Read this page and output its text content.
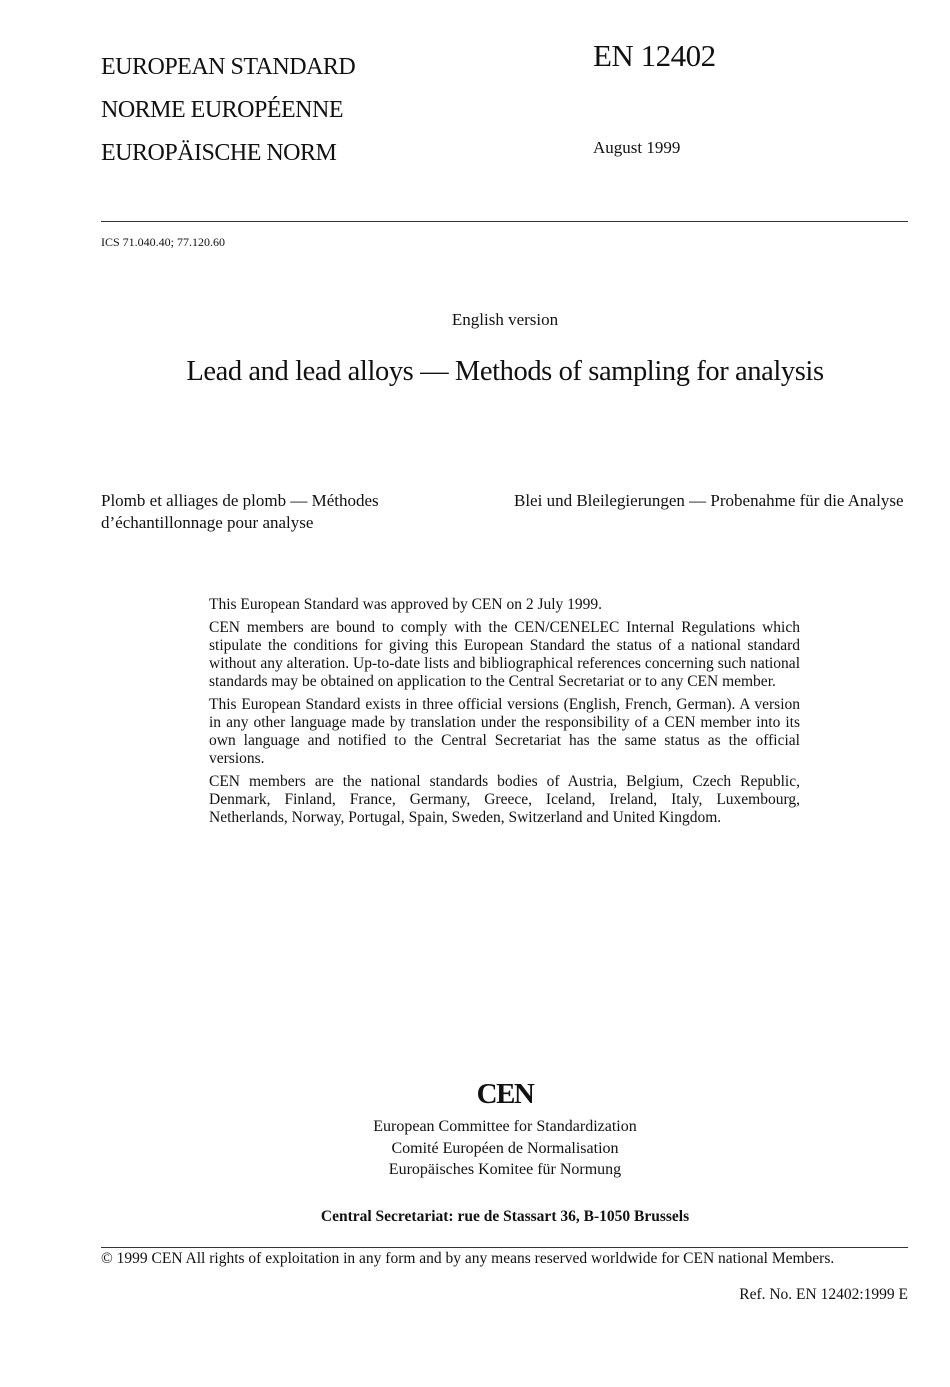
EUROPEAN STANDARD
NORME EUROPÉENNE
EUROPÄISCHE NORM
EN 12402
August 1999
ICS 71.040.40; 77.120.60
English version
Lead and lead alloys — Methods of sampling for analysis
Plomb et alliages de plomb — Méthodes d’échantillonnage pour analyse
Blei und Bleilegierungen — Probenahme für die Analyse

This European Standard was approved by CEN on 2 July 1999.

CEN members are bound to comply with the CEN/CENELEC Internal Regulations which stipulate the conditions for giving this European Standard the status of a national standard without any alteration. Up-to-date lists and bibliographical references concerning such national standards may be obtained on application to the Central Secretariat or to any CEN member.

This European Standard exists in three official versions (English, French, German). A version in any other language made by translation under the responsibility of a CEN member into its own language and notified to the Central Secretariat has the same status as the official versions.

CEN members are the national standards bodies of Austria, Belgium, Czech Republic, Denmark, Finland, France, Germany, Greece, Iceland, Ireland, Italy, Luxembourg, Netherlands, Norway, Portugal, Spain, Sweden, Switzerland and United Kingdom.

CEN
European Committee for Standardization
Comité Européen de Normalisation
Europäisches Komitee für Normung
Central Secretariat: rue de Stassart 36, B-1050 Brussels
© 1999 CEN All rights of exploitation in any form and by any means reserved worldwide for CEN national Members.
Ref. No. EN 12402:1999 E
